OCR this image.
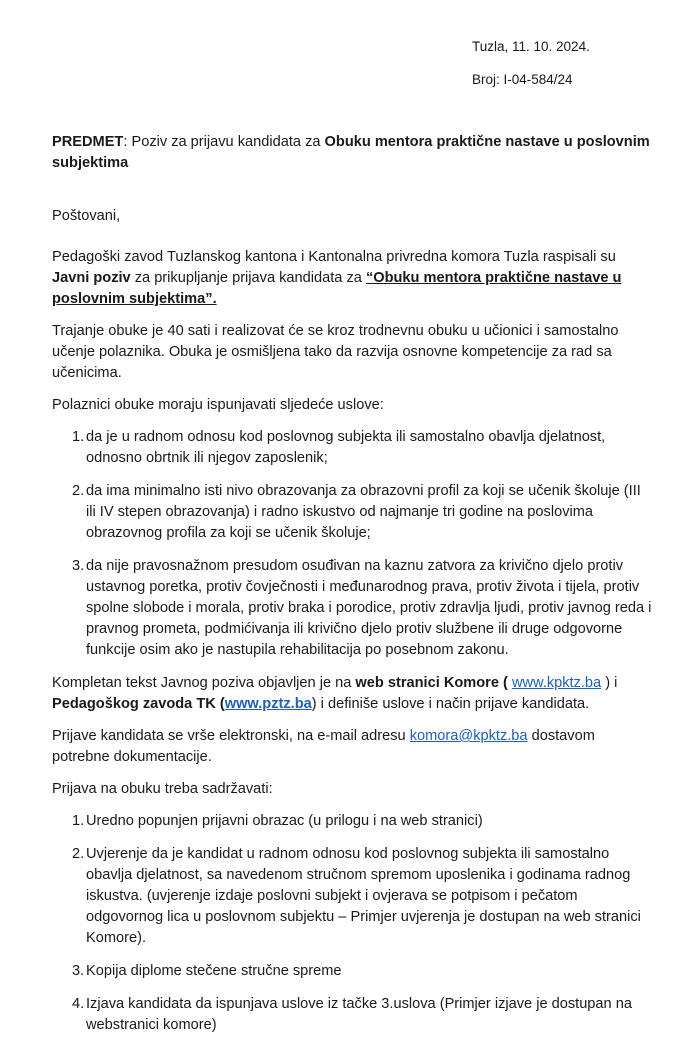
Tuzla, 11. 10. 2024.
Broj: I-04-584/24

PREDMET: Poziv za prijavu kandidata za Obuku mentora praktične nastave u poslovnim subjektima

Poštovani,

Pedagoški zavod Tuzlanskog kantona i Kantonalna privredna komora Tuzla raspisali su Javni poziv za prikupljanje prijava kandidata za “Obuku mentora praktične nastave u poslovnim subjektima”.

Trajanje obuke je 40 sati i realizovat će se kroz trodnevnu obuku u učionici i samostalno učenje polaznika. Obuka je osmišljena tako da razvija osnovne kompetencije za rad sa učenicima.

Polaznici obuke moraju ispunjavati sljedeće uslove:

1. da je u radnom odnosu kod poslovnog subjekta ili samostalno obavlja djelatnost, odnosno obrtnik ili njegov zaposlenik;
2. da ima minimalno isti nivo obrazovanja za obrazovni profil za koji se učenik školuje (III ili IV stepen obrazovanja) i radno iskustvo od najmanje tri godine na poslovima obrazovnog profila za koji se učenik školuje;
3. da nije pravosnažnom presudom osuđivan na kaznu zatvora za krivično djelo protiv ustavnog poretka, protiv čovječnosti i međunarodnog prava, protiv života i tijela, protiv spolne slobode i morala, protiv braka i porodice, protiv zdravlja ljudi, protiv javnog reda i pravnog prometa, podmićivanja ili krivično djelo protiv službene ili druge odgovorne funkcije osim ako je nastupila rehabilitacija po posebnom zakonu.

Kompletan tekst Javnog poziva objavljen je na web stranici Komore ( www.kpktz.ba ) i Pedagoškog zavoda TK (www.pztz.ba) i definiše uslove i način prijave kandidata.

Prijave kandidata se vrše elektronski, na e-mail adresu komora@kpktz.ba dostavom potrebne dokumentacije.

Prijava na obuku treba sadržavati:

1. Uredno popunjen prijavni obrazac (u prilogu i na web stranici)
2. Uvjerenje da je kandidat u radnom odnosu kod poslovnog subjekta ili samostalno obavlja djelatnost, sa navedenom stručnom spremom uposlenika i godinama radnog iskustva. (uvjerenje izdaje poslovni subjekt i ovjerava se potpisom i pečatom odgovornog lica u poslovnom subjektu – Primjer uvjerenja je dostupan na web stranici Komore).
3. Kopija diplome stečene stručne spreme
4. Izjava kandidata da ispunjava uslove iz tačke 3.uslova (Primjer izjave je dostupan na webstranici komore)
